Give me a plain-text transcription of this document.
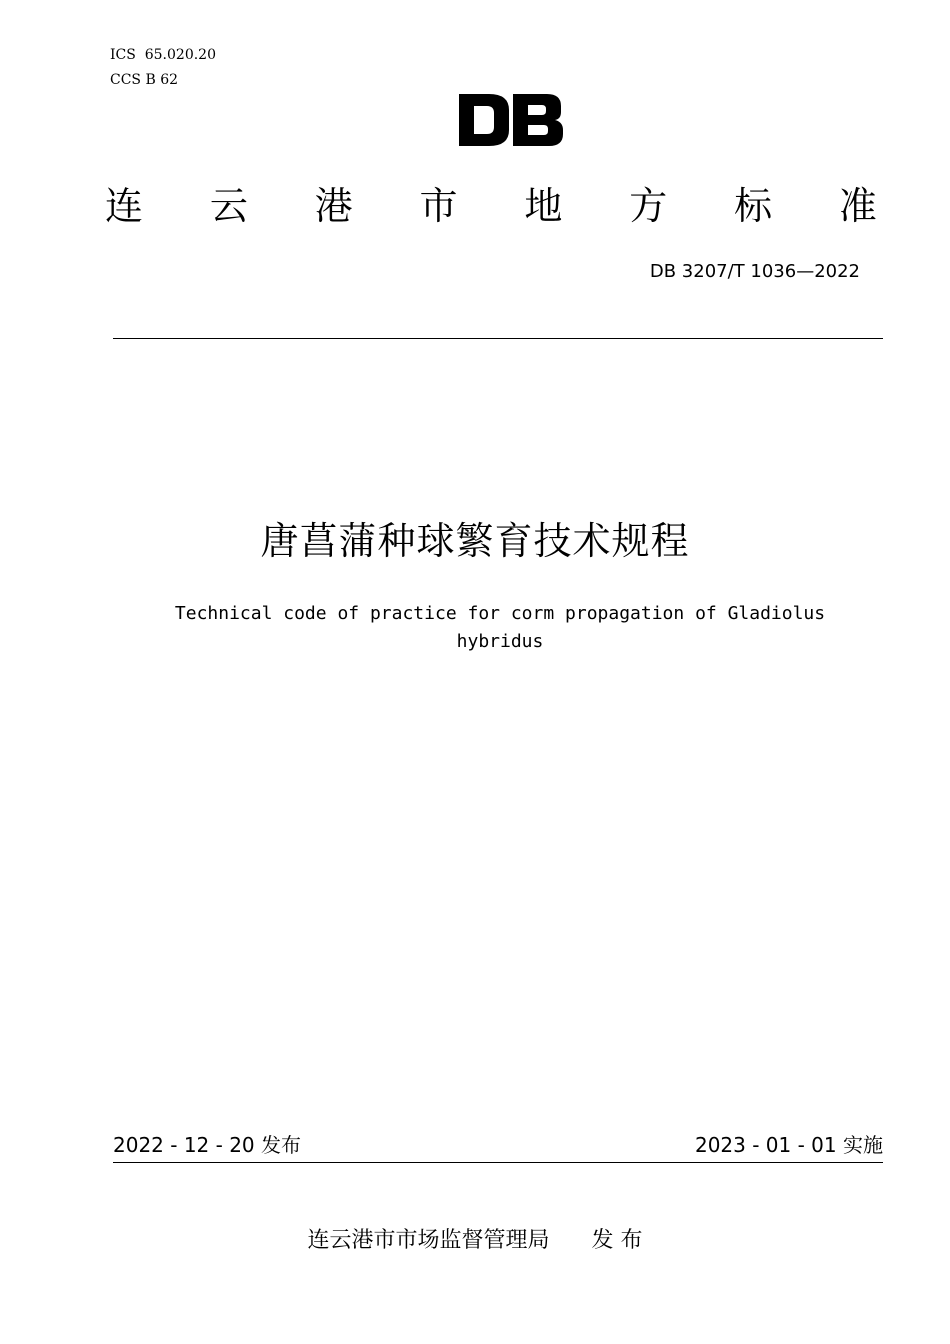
ICS  65.020.20
CCS B 62
连 云 港 市 地 方 标 准
DB 3207/T 1036—2022
唐菖蒲种球繁育技术规程
Technical code of practice for corm propagation of Gladiolus hybridus
2022 - 12 - 20 发布	2023 - 01 - 01 实施
连云港市市场监督管理局      发 布
